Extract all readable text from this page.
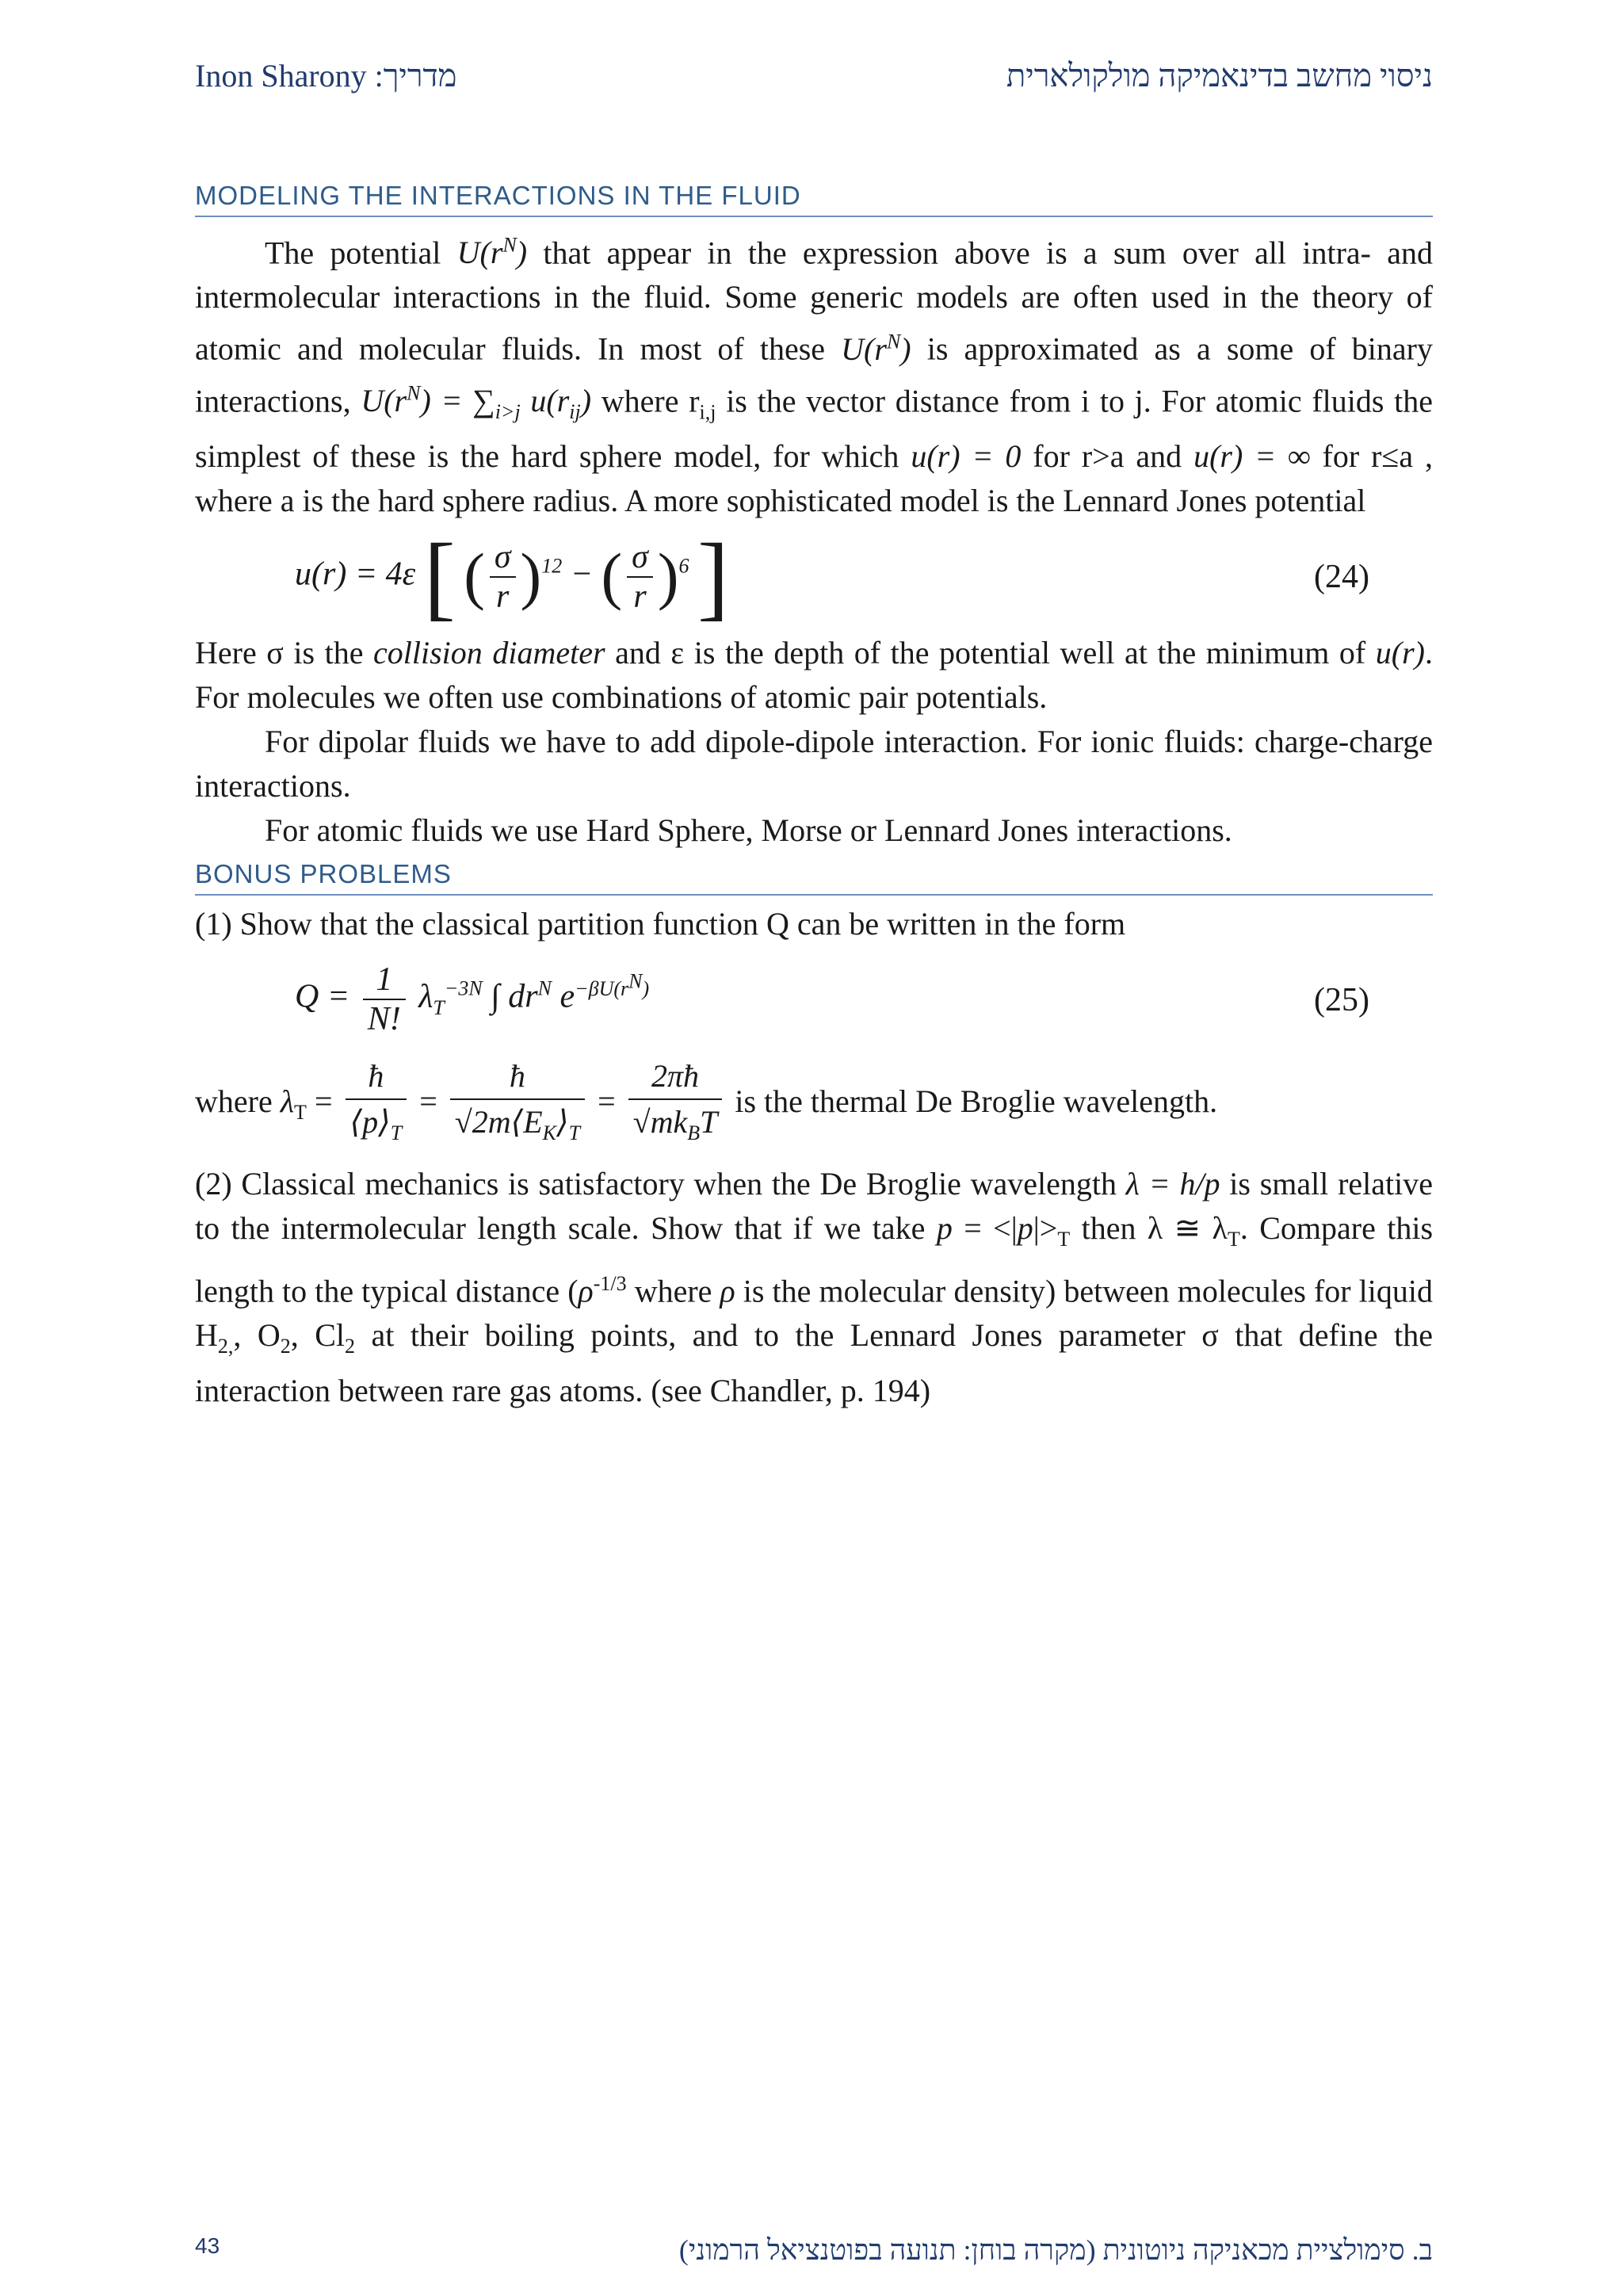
Inon Sharony :מדריך	ניסוי מחשב בדינאמיקה מולקולארית
MODELING THE INTERACTIONS IN THE FLUID

The potential $U(r^N)$ that appear in the expression above is a sum over all intra- and intermolecular interactions in the fluid. Some generic models are often used in the theory of atomic and molecular fluids. In most of these $U(r^N)$ is approximated as a some of binary interactions, $U(r^N) = \sum_{i>j}$ $u(r_{ij})$ where $r_{i,j}$ is the vector distance from i to j. For atomic fluids the simplest of these is the hard sphere model, for which u(r) = 0 for r>a and u(r) = ∞ for r≤a , where a is the hard sphere radius. A more sophisticated model is the Lennard Jones potential

u(r) = 4ε [ ( $\frac{\sigma}{r} )^{12}$ − ( $\frac{\sigma}{r} )^6$ ]	(24)

Here σ is the collision diameter and ε is the depth of the potential well at the minimum of u(r). For molecules we often use combinations of atomic pair potentials.

For dipolar fluids we have to add dipole-dipole interaction. For ionic fluids: charge-charge interactions.

For atomic fluids we use Hard Sphere, Morse or Lennard Jones interactions.

BONUS PROBLEMS

(1) Show that the classical partition function Q can be written in the form

$Q = \frac{1}{N!} \lambda_T^{-3N}$ ∫ $dr^N$ $e^{-\beta U(r^N)}$	(25)

where $\lambda_T = \frac{ħ}{⟨p⟩_T} = \frac{ħ}{√2m⟨E_K⟩_T} = \frac{2\pi ħ}{√mk_BT}$ is the thermal De Broglie wavelength.

(2) Classical mechanics is satisfactory when the De Broglie wavelength λ = h/p is small relative to the intermolecular length scale. Show that if we take $p = <|p|>_T$ then λ ≅ $\lambda_T$. Compare this length to the typical distance ($\rho^{-1/3}$ where ρ is the molecular density) between molecules for liquid $H_{2,}$, $O_2$, $Cl_2$ at their boiling points, and to the Lennard Jones parameter σ that define the interaction between rare gas atoms. (see Chandler, p. 194)

43	ב. סימולציית מכאניקה ניוטונית (מקרה בוחן: תנועה בפוטנציאל הרמוני)
